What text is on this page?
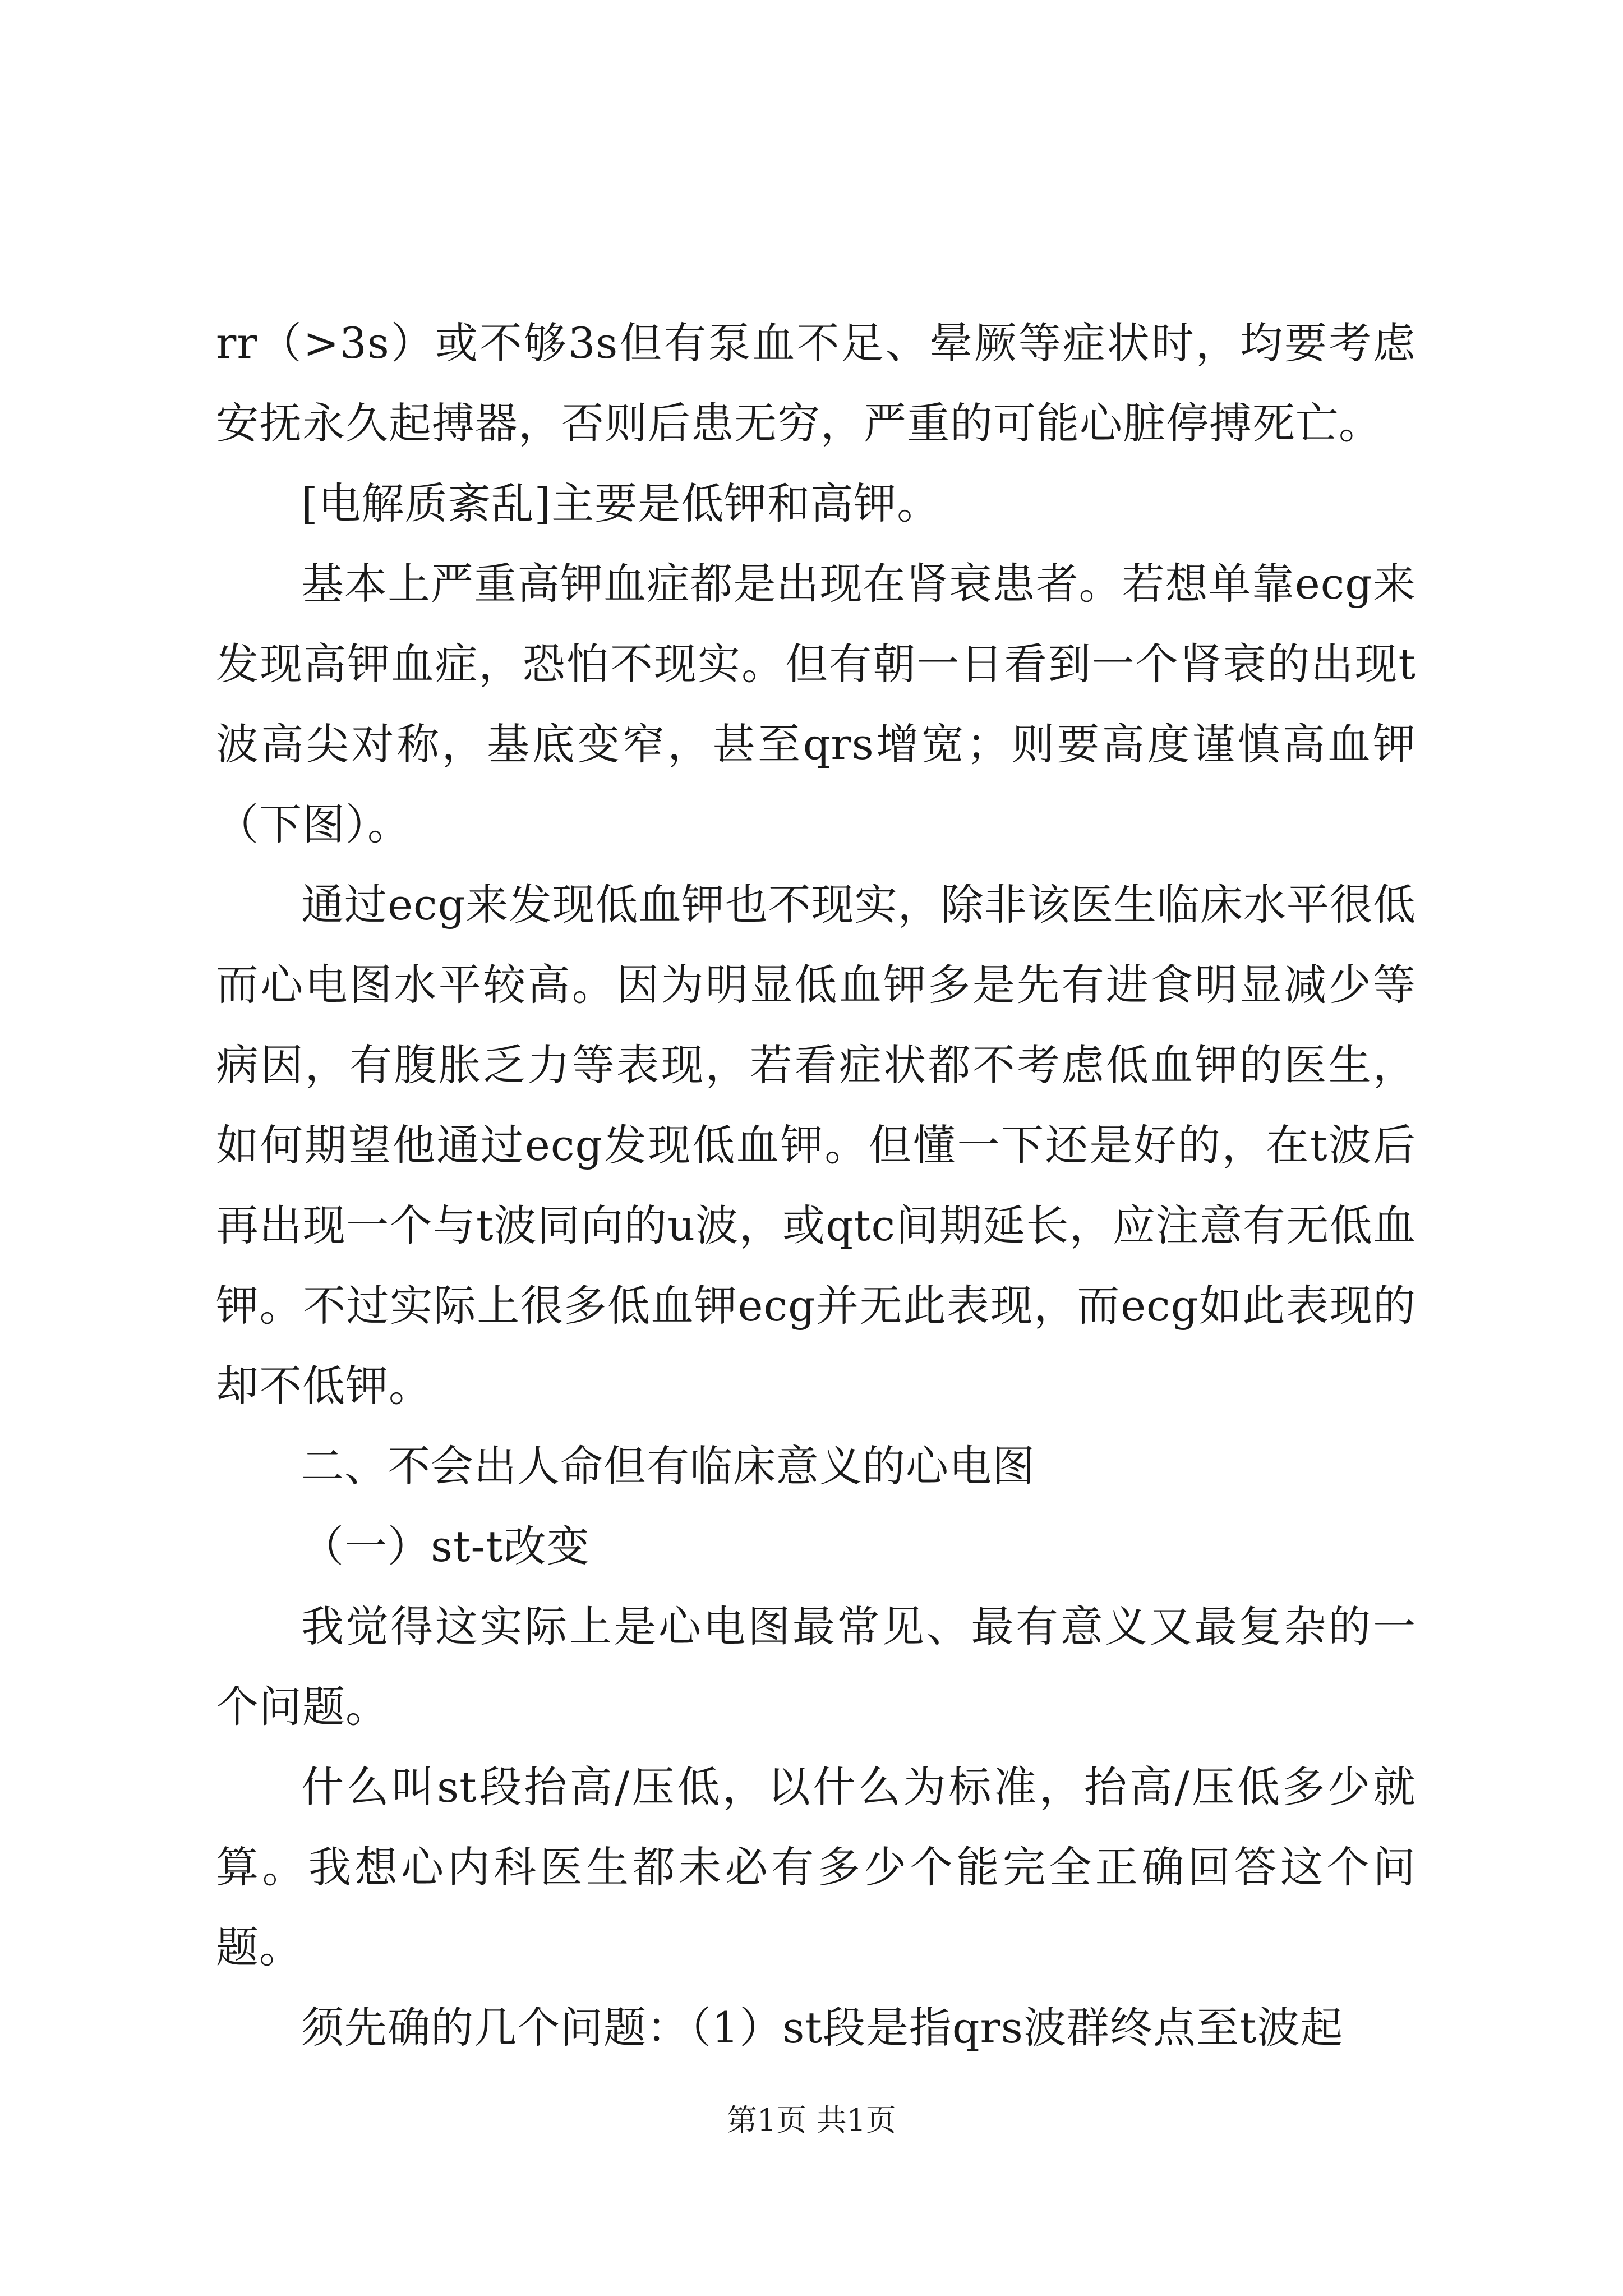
rr（>3s）或不够3s但有泵血不足、晕厥等症状时，均要考虑安抚永久起搏器，否则后患无穷，严重的可能心脏停搏死亡。

[电解质紊乱]主要是低钾和高钾。

基本上严重高钾血症都是出现在肾衰患者。若想单靠ecg来发现高钾血症，恐怕不现实。但有朝一日看到一个肾衰的出现t波高尖对称，基底变窄，甚至qrs增宽；则要高度谨慎高血钾（下图）。

通过ecg来发现低血钾也不现实，除非该医生临床水平很低而心电图水平较高。因为明显低血钾多是先有进食明显减少等病因，有腹胀乏力等表现，若看症状都不考虑低血钾的医生，如何期望他通过ecg发现低血钾。但懂一下还是好的，在t波后再出现一个与t波同向的u波，或qtc间期延长，应注意有无低血钾。不过实际上很多低血钾ecg并无此表现，而ecg如此表现的却不低钾。

二、不会出人命但有临床意义的心电图

（一）st-t改变

我觉得这实际上是心电图最常见、最有意义又最复杂的一个问题。

什么叫st段抬高/压低，以什么为标准，抬高/压低多少就算。我想心内科医生都未必有多少个能完全正确回答这个问题。

须先确的几个问题：（1）st段是指qrs波群终点至t波起

第1页 共1页
